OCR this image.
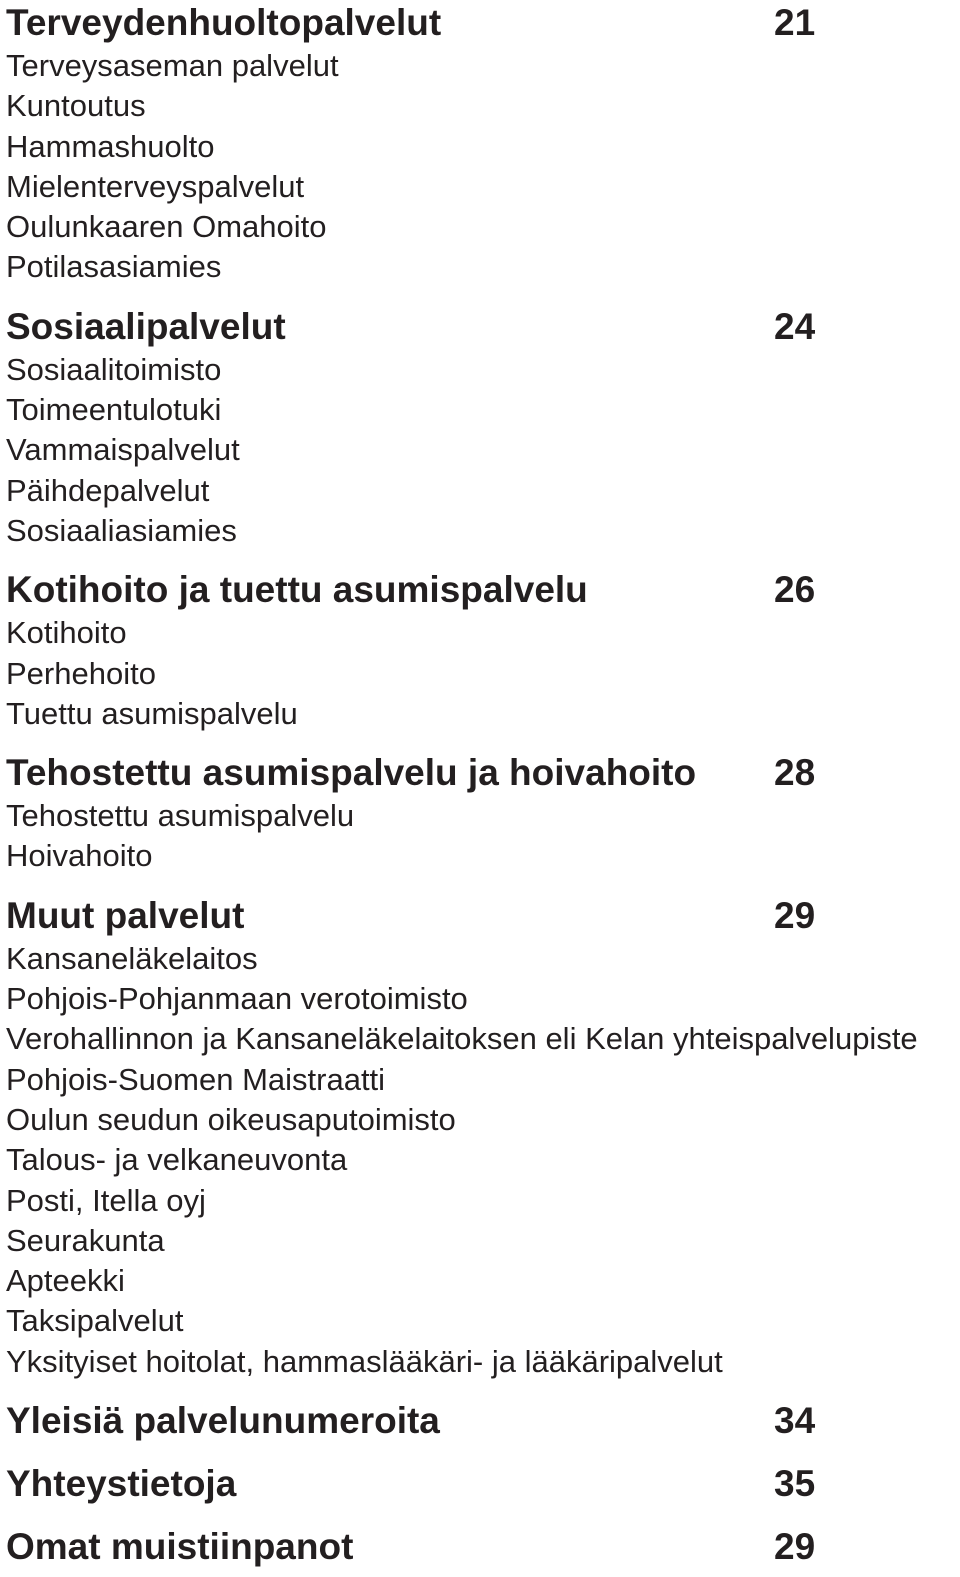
Terveydenhuoltopalvelut	21
Terveysaseman palvelut
Kuntoutus
Hammashuolto
Mielenterveyspalvelut
Oulunkaaren Omahoito
Potilasasiamies
Sosiaalipalvelut	24
Sosiaalitoimisto
Toimeentulotuki
Vammaispalvelut
Päihdepalvelut
Sosiaaliasiamies
Kotihoito ja tuettu asumispalvelu	26
Kotihoito
Perhehoito
Tuettu asumispalvelu
Tehostettu asumispalvelu ja hoivahoito 28
Tehostettu asumispalvelu
Hoivahoito
Muut palvelut	29
Kansaneläkelaitos
Pohjois-Pohjanmaan verotoimisto
Verohallinnon ja Kansaneläkelaitoksen eli Kelan yhteispalvelupiste
Pohjois-Suomen Maistraatti
Oulun seudun oikeusaputoimisto
Talous- ja velkaneuvonta
Posti, Itella oyj
Seurakunta
Apteekki
Taksipalvelut
Yksityiset hoitolat, hammaslääkäri- ja lääkäripalvelut
Yleisiä palvelunumeroita	34
Yhteystietoja	35
Omat muistiinpanot	29
